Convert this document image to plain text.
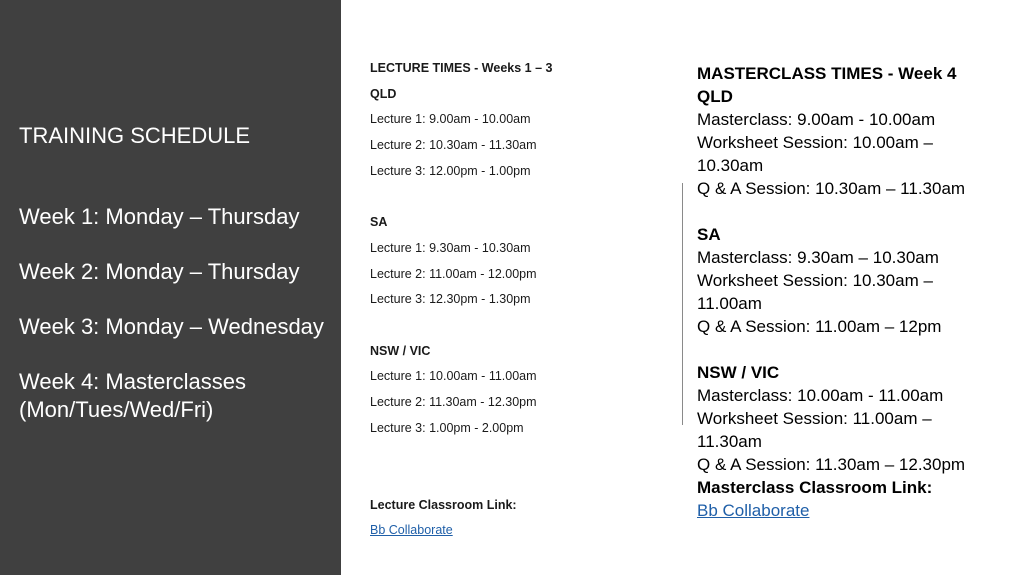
TRAINING SCHEDULE
Week 1: Monday – Thursday
Week 2: Monday – Thursday
Week 3: Monday – Wednesday
Week 4: Masterclasses
(Mon/Tues/Wed/Fri)
LECTURE TIMES - Weeks 1 – 3
QLD
Lecture 1: 9.00am - 10.00am
Lecture 2: 10.30am - 11.30am
Lecture 3: 12.00pm - 1.00pm
SA
Lecture 1: 9.30am - 10.30am
Lecture 2: 11.00am - 12.00pm
Lecture 3: 12.30pm - 1.30pm
NSW / VIC
Lecture 1: 10.00am - 11.00am
Lecture 2: 11.30am - 12.30pm
Lecture 3: 1.00pm - 2.00pm
Lecture Classroom Link:
Bb Collaborate
MASTERCLASS TIMES - Week 4
QLD
Masterclass: 9.00am - 10.00am
Worksheet Session: 10.00am –
10.30am
Q & A Session: 10.30am – 11.30am
SA
Masterclass: 9.30am – 10.30am
Worksheet Session: 10.30am –
11.00am
Q & A Session: 11.00am – 12pm
NSW / VIC
Masterclass: 10.00am - 11.00am
Worksheet Session: 11.00am –
11.30am
Q & A Session: 11.30am – 12.30pm
Masterclass Classroom Link:
Bb Collaborate
